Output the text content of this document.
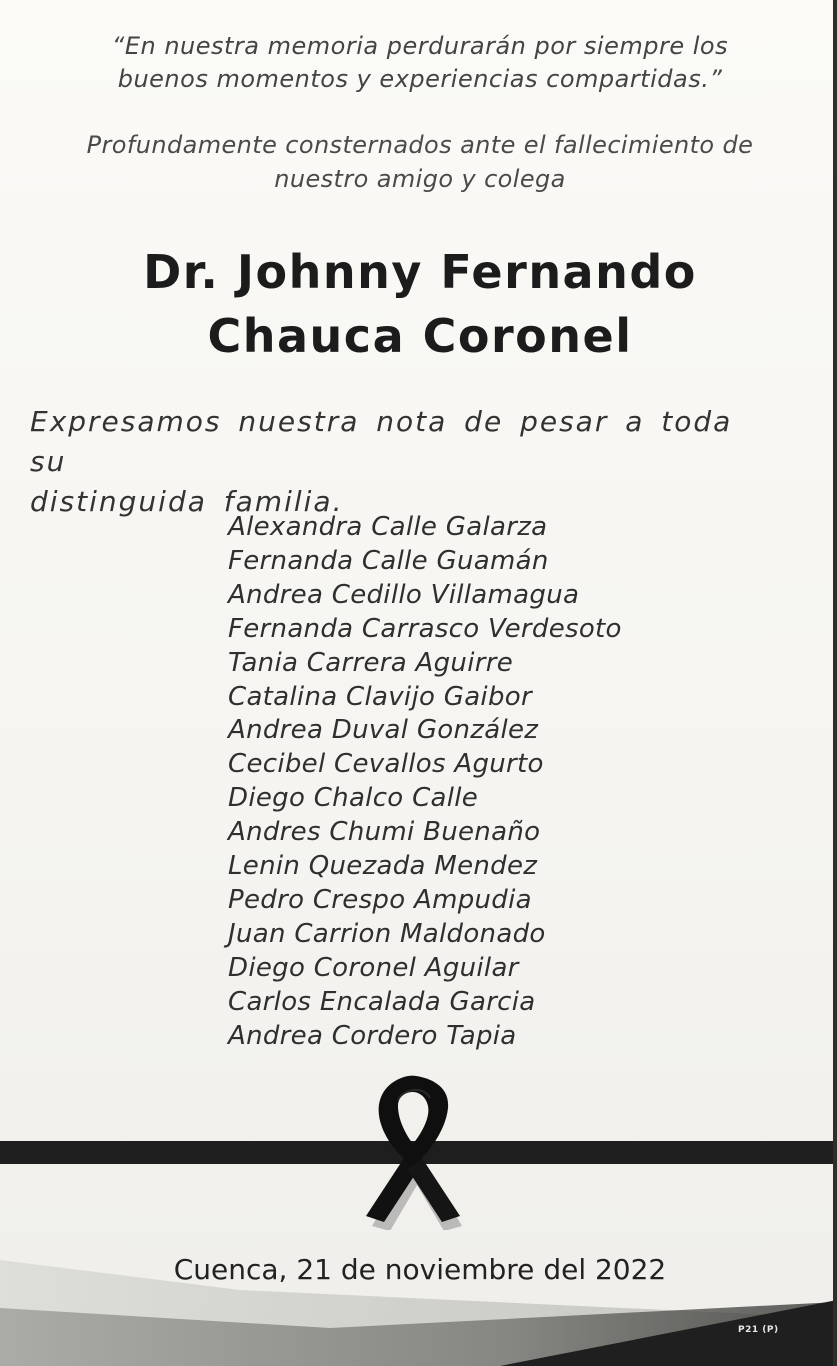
“En nuestra memoria perdurarán por siempre los
buenos momentos y experiencias compartidas.”
Profundamente consternados ante el fallecimiento de
nuestro amigo y colega
Dr. Johnny Fernando
Chauca Coronel
Expresamos nuestra nota de pesar a toda su
distinguida familia.
Alexandra Calle Galarza
Fernanda Calle Guamán
Andrea Cedillo Villamagua
Fernanda Carrasco Verdesoto
Tania Carrera Aguirre
Catalina Clavijo Gaibor
Andrea Duval González
Cecibel Cevallos Agurto
Diego Chalco Calle
Andres Chumi Buenaño
Lenin Quezada Mendez
Pedro Crespo Ampudia
Juan Carrion Maldonado
Diego Coronel Aguilar
Carlos Encalada Garcia
Andrea Cordero Tapia
Cuenca, 21 de noviembre del 2022
P21 (P)
